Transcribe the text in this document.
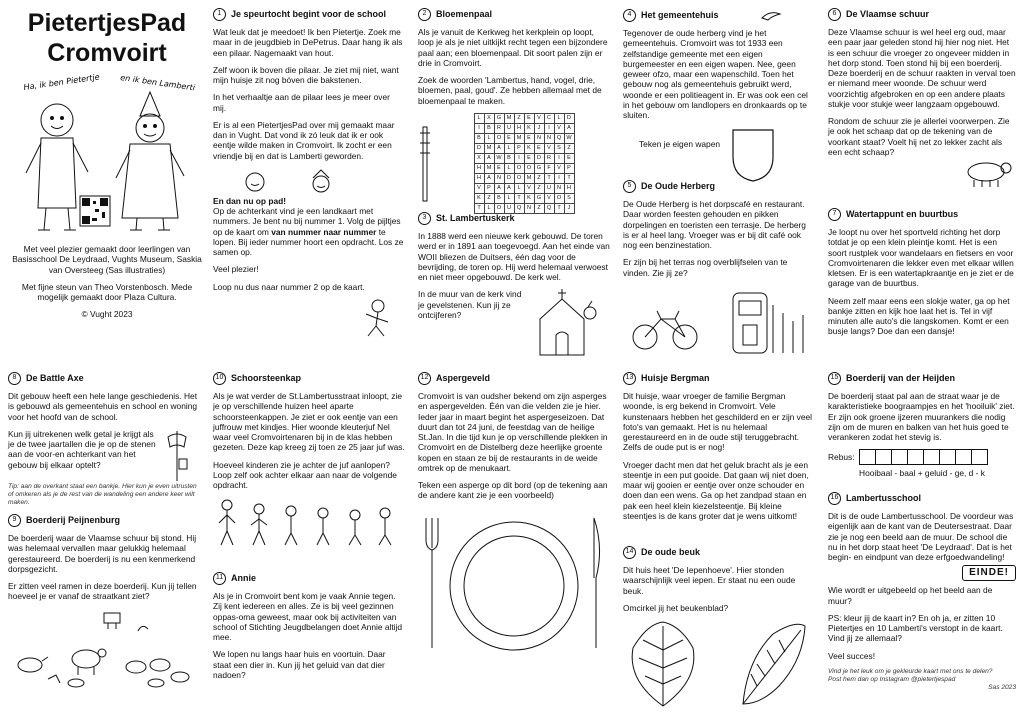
PietertjesPad
Cromvoirt
Ha, ik ben Pietertje en ik ben Lamberti

Met veel plezier gemaakt door leerlingen van Basisschool De Leydraad, Vughts Museum, Saskia van Oversteeg (Sas illustraties)

Met fijne steun van Theo Vorstenbosch. Mede mogelijk gemaakt door Plaza Cultura.

© Vught 2023

1	Je speurtocht begint voor de school

Wat leuk dat je meedoet! Ik ben Pietertje. Zoek me maar in de jeugdbieb in DePetrus. Daar hang ik als een pilaar. Nagemaakt van hout.

Zelf woon ik boven die pilaar. Je ziet mij niet, want mijn huisje zit nog bóven die bakstenen.

In het verhaaltje aan de pilaar lees je meer over mij.

Er is al een PietertjesPad over mij gemaakt maar dan in Vught. Dat vond ik zó leuk dat ik er ook eentje wilde maken in Cromvoirt. Ik zocht er een vriendje bij en dat is Lamberti geworden.

En dan nu op pad!

Op de achterkant vind je een landkaart met nummers. Je bent nu bij nummer 1. Volg de pijltjes op de kaart om van nummer naar nummer te lopen. Bij ieder nummer hoort een opdracht. Los ze samen op.

Veel plezier!

Loop nu dus naar nummer 2 op de kaart.

2	Bloemenpaal

Als je vanuit de Kerkweg het kerkplein op loopt, loop je als je niet uitkijkt recht tegen een bijzondere paal aan; een bloemenpaal. Dit soort palen zijn er drie in Cromvoirt.

Zoek de woorden 'Lambertus, hand, vogel, drie, bloemen, paal, goud'. Ze hebben allemaal met de bloemenpaal te maken.

L	X	G	M	Z	E	V	C	L	D
I	B	R	U	H	K	J	I	V	A
B	L	O	E	M	E	N	N	Q	W
D	M	A	L	P	K	E	V	S	Z
X	A	W	B	I	E	D	R	I	E
H	M	E	L	O	O	G	F	V	P
H	A	N	D	O	M	Z	T	I	T
V	P	A	A	L	V	Z	U	N	H
K	Z	B	L	T	K	G	V	O	S
T	L	O	U	Q	N	Z	Q	T	J
3	St. Lambertuskerk

In 1888 werd een nieuwe kerk gebouwd. De toren werd er in 1891 aan toegevoegd. Aan het einde van WOII bliezen de Duitsers, één dag voor de bevrijding, de toren op. Hij werd helemaal verwoest en niet meer opgebouwd. De kerk wel.

In de muur van de kerk vind je gevelstenen. Kun jij ze ontcijferen?

4	Het gemeentehuis

Tegenover de oude herberg vind je het gemeentehuis. Cromvoirt was tot 1933 een zelfstandige gemeente met een eigen burgemeester en een eigen wapen. Nee, geen geweer ofzo, maar een wapenschild. Toen het gebouw nog als gemeentehuis gebruikt werd, woonde er een politieagent in. Er was ook een cel in het gebouw om landlopers en dronkaards op te sluiten.

Teken je eigen wapen
5	De Oude Herberg

De Oude Herberg is het dorpscafé en restaurant. Daar worden feesten gehouden en pikken dorpelingen en toeristen een terrasje. De herberg is er al heel lang. Vroeger was er bij dit café ook nog een benzinestation.

Er zijn bij het terras nog overblijfselen van te vinden. Zie jij ze?

6	De Vlaamse schuur

Deze Vlaamse schuur is wel heel erg oud, maar een paar jaar geleden stond hij hier nog niet. Het is een schuur die vroeger zo ongeveer midden in het dorp stond. Toen stond hij bij een boerderij. Deze boerderij en de schuur raakten in verval toen er niemand meer woonde. De schuur werd voorzichtig afgebroken en op een andere plaats stukje voor stukje weer langzaam opgebouwd.

Rondom de schuur zie je allerlei voorwerpen. Zie je ook het schaap dat op de tekening van de voorkant staat? Voelt hij net zo lekker zacht als een echt schaap?

7	Watertappunt en buurtbus

Je loopt nu over het sportveld richting het dorp totdat je op een klein pleintje komt. Het is een soort rustplek voor wandelaars en fietsers en voor Cromvoirtenaren die lekker even met elkaar willen kletsen. Er is een watertapkraantje en je ziet er de garage van de buurtbus.

Neem zelf maar eens een slokje water, ga op het bankje zitten en kijk hoe laat het is. Tel in vijf minuten alle auto's die langskomen. Komt er een busje langs? Doe dan een dansje!

8	De Battle Axe

Dit gebouw heeft een hele lange geschiedenis. Het is gebouwd als gemeentehuis en school en woning voor het hoofd van de school.

Kun jij uitrekenen welk getal je krijgt als je de twee jaartallen die je op de stenen aan de voor-en achterkant van het gebouw bij elkaar optelt?

Tip: aan de overkant staat een bankje. Hier kun je even uitrusten of omkeren als je de rest van de wandeling een andere keer wilt maken.

9	Boerderij Peijnenburg

De boerderij waar de Vlaamse schuur bij stond. Hij was helemaal vervallen maar gelukkig helemaal gerestaureerd. De boerderij is nu een kenmerkend dorpsgezicht.

Er zitten veel ramen in deze boerderij. Kun jij tellen hoeveel je er vanaf de straatkant ziet?

10 Schoorsteenkap

Als je wat verder de St.Lambertusstraat inloopt, zie je op verschillende huizen heel aparte schoorsteenkappen. Je ziet er ook eentje van een juffrouw met kindjes. Hier woonde kleuterjuf Nel waar veel Cromvoirtenaren bij in de klas hebben gezeten. Deze kap kreeg zij toen ze 25 jaar juf was.

Hoeveel kinderen zie je achter de juf aanlopen? Loop zelf ook achter elkaar aan naar de volgende opdracht.

11 Annie

Als je in Cromvoirt bent kom je vaak Annie tegen. Zij kent iedereen en alles. Ze is bij veel gezinnen oppas-oma geweest, maar ook bij activiteiten van school of Stichting Jeugdbelangen doet Annie altijd mee.

We lopen nu langs haar huis en voortuin. Daar staat een dier in. Kun jij het geluid van dat dier nadoen?

12 Aspergeveld

Cromvoirt is van oudsher bekend om zijn asperges en aspergevelden. Één van die velden zie je hier. Ieder jaar in maart begint het aspergeseizoen. Dat duurt dan tot 24 juni, de feestdag van de heilige St.Jan. In die tijd kun je op verschillende plekken in Cromvoirt en de Distelberg deze heerlijke groente kopen en staan ze bij de restaurants in de weide omtrek op de menukaart.

Teken een asperge op dit bord (op de tekening aan de andere kant zie je een voorbeeld)

13 Huisje Bergman

Dit huisje, waar vroeger de familie Bergman woonde, is erg bekend in Cromvoirt. Vele kunstenaars hebben het geschilderd en er zijn veel foto's van gemaakt. Het is nu helemaal gerestaureerd en in de oude stijl teruggebracht. Zelfs de oude put is er nog!

Vroeger dacht men dat het geluk bracht als je een steentje in een put gooide. Dat gaan wij niet doen, maar wij gooien er eentje over onze schouder en doen dan een wens. Ga op het zandpad staan en pak een heel klein kiezelsteentje. Bij kleine steentjes is de kans groter dat je wens uitkomt!

14 De oude beuk

Dit huis heet 'De Iepenhoeve'. Hier stonden waarschijnlijk veel iepen. Er staat nu een oude beuk.

Omcirkel jij het beukenblad?

15 Boerderij van der Heijden

De boerderij staat pal aan de straat waar je de karakteristieke boograampjes en het 'hooiluik' ziet. Er zijn ook groene ijzeren muurankers die nodig zijn om de muren en balken van het huis goed te verankeren zodat het stevig is.

Rebus:

Hooibaal - baal + geluid - ge, d - k

16 Lambertusschool

Dit is de oude Lambertusschool. De voordeur was eigenlijk aan de kant van de Deutersestraat. Daar zie je nog een beeld aan de muur. De school die nu in het dorp staat heet 'De Leydraad'. Dat is het begin- en eindpunt van deze erfgoedwandeling!

EINDE!

Wie wordt er uitgebeeld op het beeld aan de muur?

PS: kleur jij de kaart in? En oh ja, er zitten 10 Pietertjes en 10 Lamberti's verstopt in de kaart. Vind jij ze allemaal?

Veel succes!

Vind je het leuk om je gekleurde kaart met ons te delen?

Post hem dan op Instagram @pietertjespad

Sas 2023
